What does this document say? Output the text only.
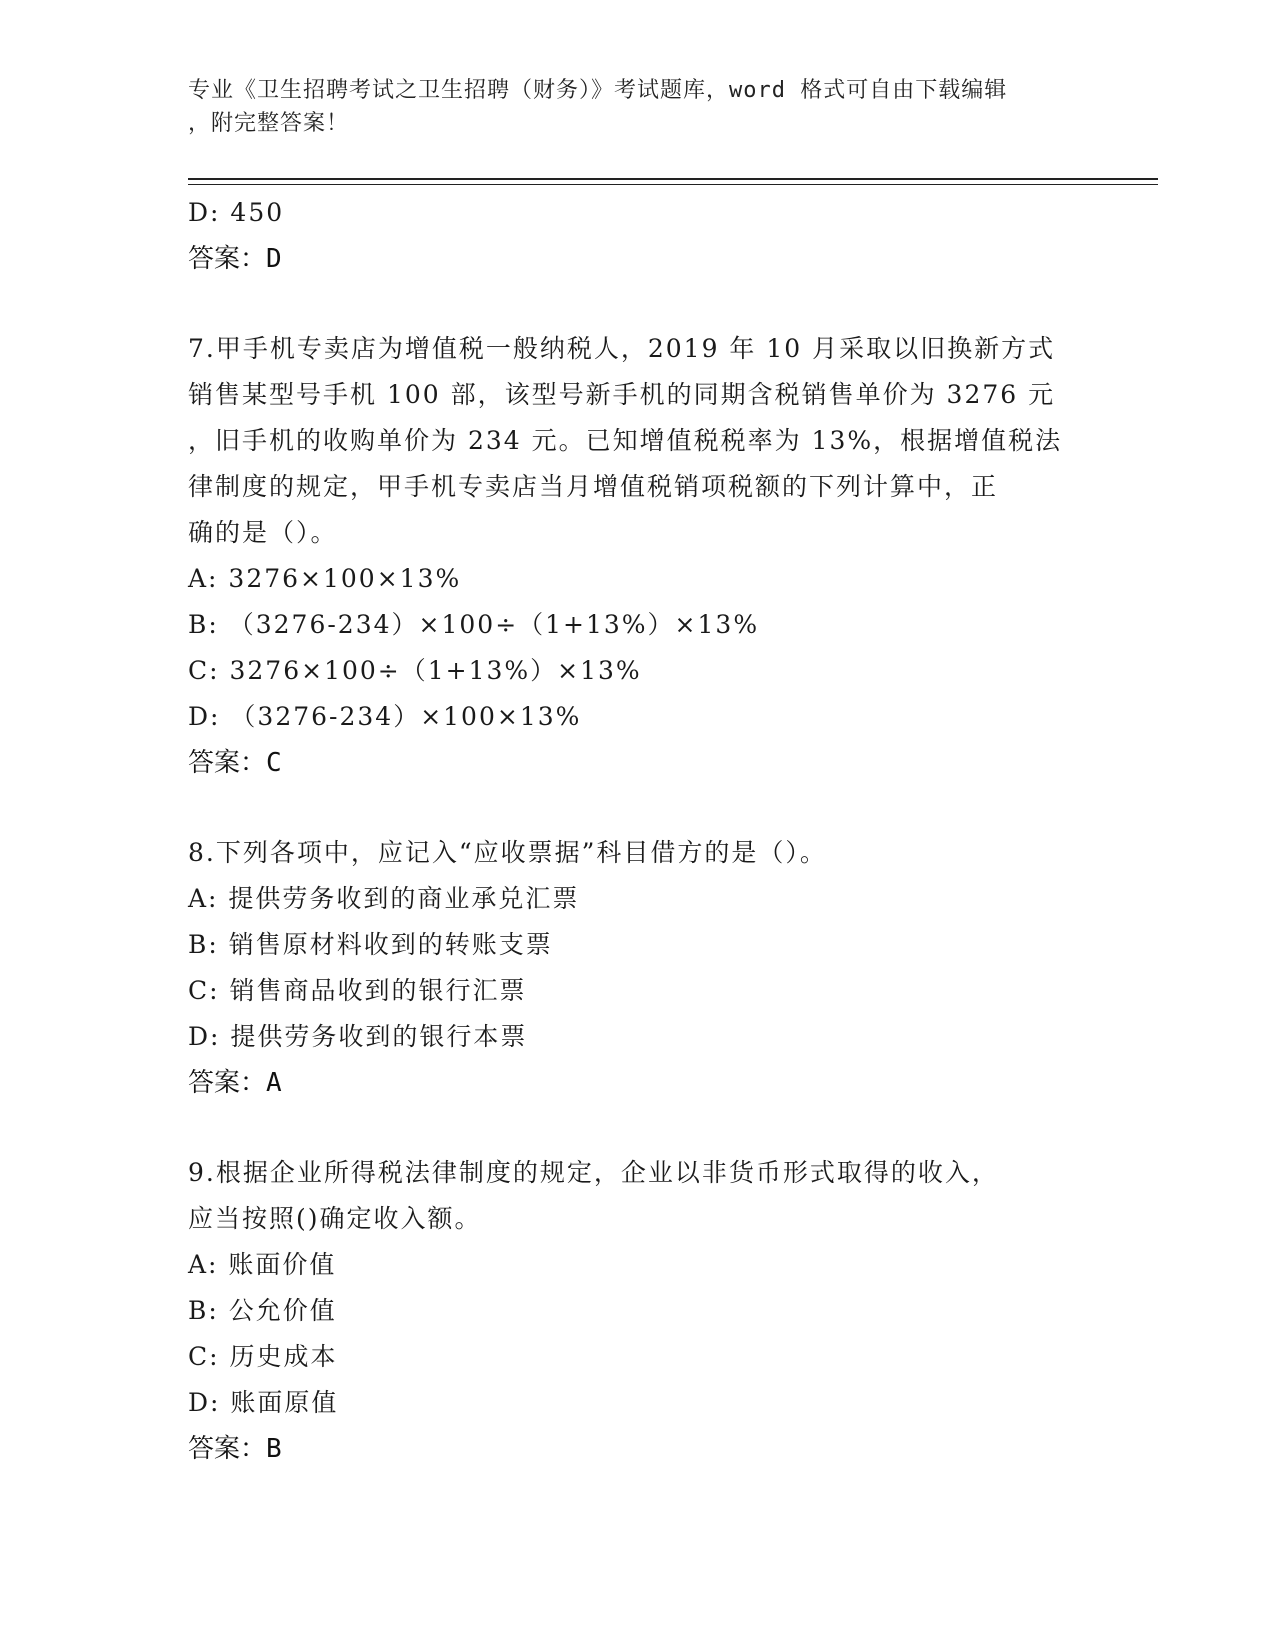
专业《卫生招聘考试之卫生招聘（财务）》考试题库，word 格式可自由下载编辑
，附完整答案！
D: 450
答案：D
7.甲手机专卖店为增值税一般纳税人，2019 年 10 月采取以旧换新方式
销售某型号手机 100 部，该型号新手机的同期含税销售单价为 3276 元
，旧手机的收购单价为 234 元。已知增值税税率为 13%，根据增值税法
律制度的规定，甲手机专卖店当月增值税销项税额的下列计算中，正
确的是（）。
A: 3276×100×13%
B: （3276-234）×100÷（1+13%）×13%
C: 3276×100÷（1+13%）×13%
D: （3276-234）×100×13%
答案：C
8.下列各项中，应记入“应收票据”科目借方的是（）。
A: 提供劳务收到的商业承兑汇票
B: 销售原材料收到的转账支票
C: 销售商品收到的银行汇票
D: 提供劳务收到的银行本票
答案：A
9.根据企业所得税法律制度的规定，企业以非货币形式取得的收入，
应当按照()确定收入额。
A: 账面价值
B: 公允价值
C: 历史成本
D: 账面原值
答案：B
